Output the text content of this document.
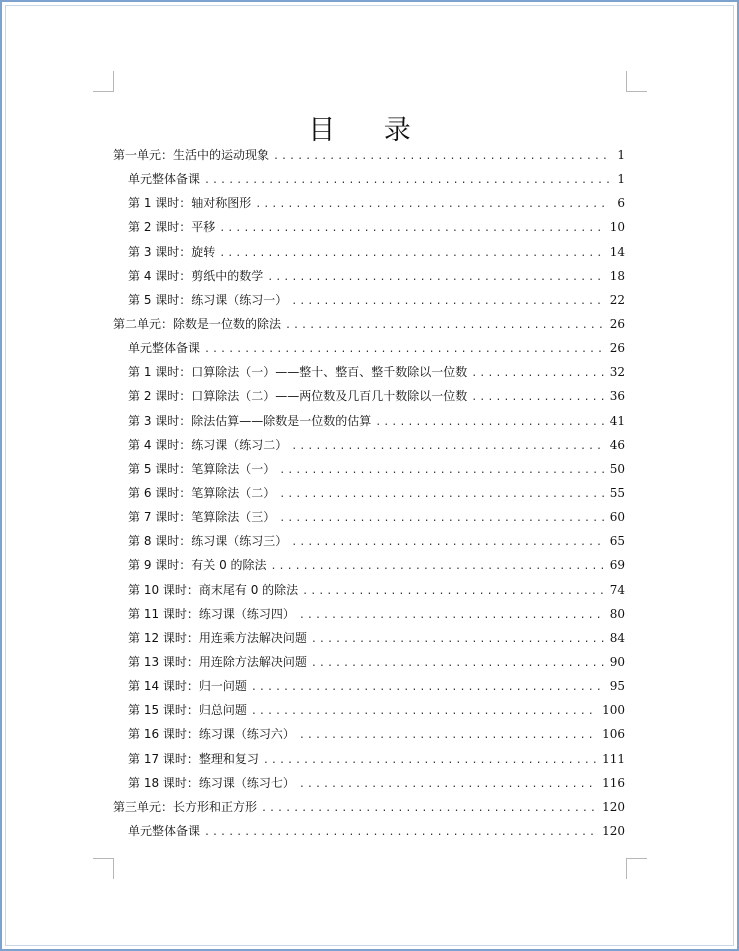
目 录
第一单元：生活中的运动现象 .....	1
单元整体备课 .....	1
第 1 课时：轴对称图形 .....	6
第 2 课时：平移 .....	10
第 3 课时：旋转 .....	14
第 4 课时：剪纸中的数学 .....	18
第 5 课时：练习课（练习一） .....	22
第二单元：除数是一位数的除法 .....	26
单元整体备课 .....	26
第 1 课时：口算除法（一）——整十、整百、整千数除以一位数 .....	32
第 2 课时：口算除法（二）——两位数及几百几十数除以一位数 .....	36
第 3 课时：除法估算——除数是一位数的估算 .....	41
第 4 课时：练习课（练习二） .....	46
第 5 课时：笔算除法（一） .....	50
第 6 课时：笔算除法（二） .....	55
第 7 课时：笔算除法（三） .....	60
第 8 课时：练习课（练习三） .....	65
第 9 课时：有关 0 的除法 .....	69
第 10 课时：商末尾有 0 的除法 .....	74
第 11 课时：练习课（练习四） .....	80
第 12 课时：用连乘方法解决问题 .....	84
第 13 课时：用连除方法解决问题 .....	90
第 14 课时：归一问题 .....	95
第 15 课时：归总问题 .....	100
第 16 课时：练习课（练习六） .....	106
第 17 课时：整理和复习 .....	111
第 18 课时：练习课（练习七） .....	116
第三单元：长方形和正方形 .....	120
单元整体备课 .....	120
